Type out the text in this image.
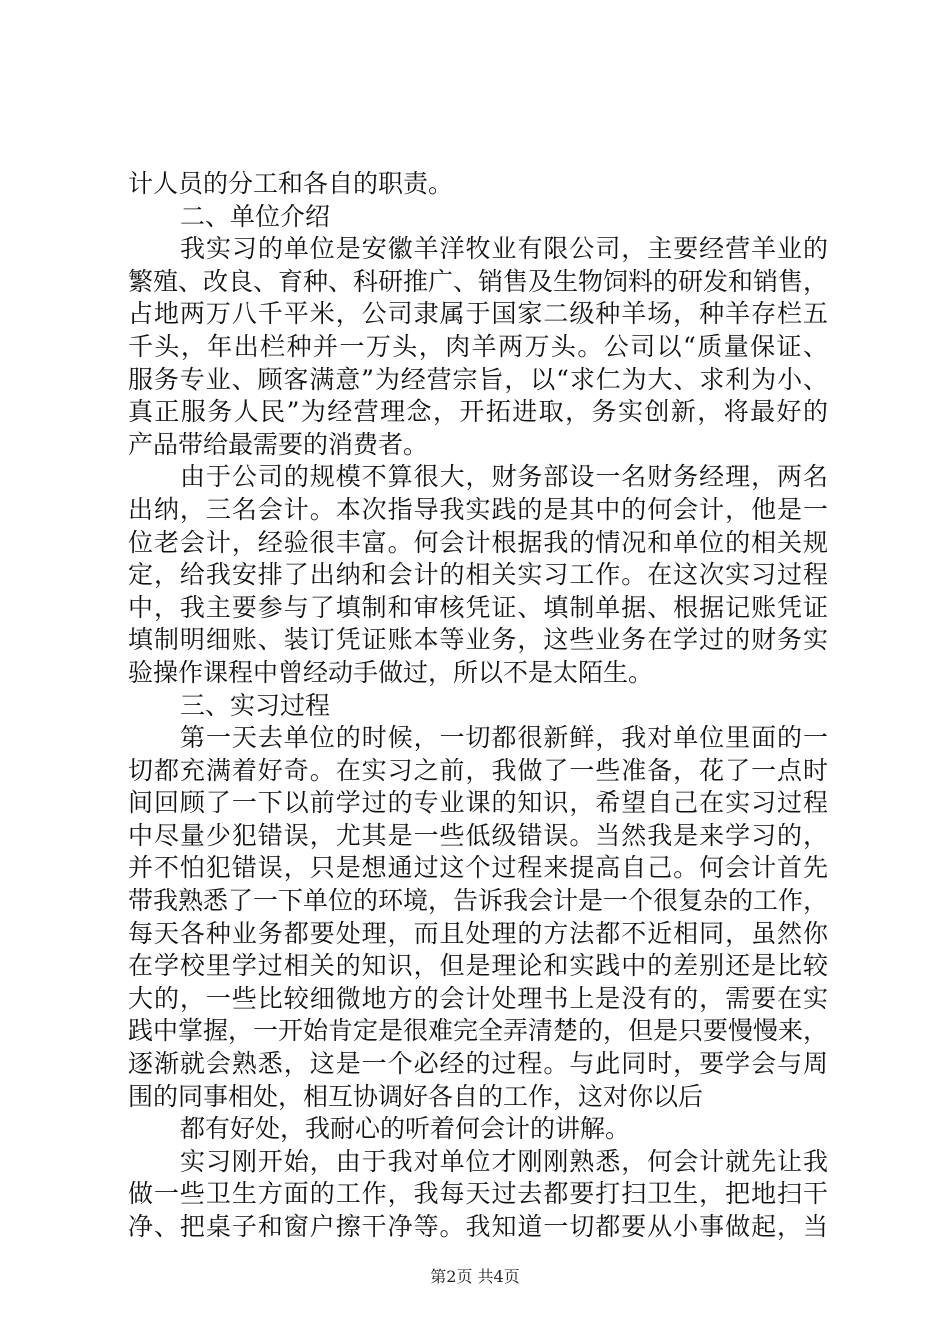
计人员的分工和各自的职责。
二、单位介绍
我实习的单位是安徽羊洋牧业有限公司，主要经营羊业的
繁殖、改良、育种、科研推广、销售及生物饲料的研发和销售，
占地两万八千平米，公司隶属于国家二级种羊场，种羊存栏五
千头，年出栏种并一万头，肉羊两万头。公司以“质量保证、
服务专业、顾客满意”为经营宗旨，以“求仁为大、求利为小、
真正服务人民”为经营理念，开拓进取，务实创新，将最好的
产品带给最需要的消费者。
由于公司的规模不算很大，财务部设一名财务经理，两名
出纳，三名会计。本次指导我实践的是其中的何会计，他是一
位老会计，经验很丰富。何会计根据我的情况和单位的相关规
定，给我安排了出纳和会计的相关实习工作。在这次实习过程
中，我主要参与了填制和审核凭证、填制单据、根据记账凭证
填制明细账、装订凭证账本等业务，这些业务在学过的财务实
验操作课程中曾经动手做过，所以不是太陌生。
三、实习过程
第一天去单位的时候，一切都很新鲜，我对单位里面的一
切都充满着好奇。在实习之前，我做了一些准备，花了一点时
间回顾了一下以前学过的专业课的知识，希望自己在实习过程
中尽量少犯错误，尤其是一些低级错误。当然我是来学习的，
并不怕犯错误，只是想通过这个过程来提高自己。何会计首先
带我熟悉了一下单位的环境，告诉我会计是一个很复杂的工作，
每天各种业务都要处理，而且处理的方法都不近相同，虽然你
在学校里学过相关的知识，但是理论和实践中的差别还是比较
大的，一些比较细微地方的会计处理书上是没有的，需要在实
践中掌握，一开始肯定是很难完全弄清楚的，但是只要慢慢来，
逐渐就会熟悉，这是一个必经的过程。与此同时，要学会与周
围的同事相处，相互协调好各自的工作，这对你以后
都有好处，我耐心的听着何会计的讲解。
实习刚开始，由于我对单位才刚刚熟悉，何会计就先让我
做一些卫生方面的工作，我每天过去都要打扫卫生，把地扫干
净、把桌子和窗户擦干净等。我知道一切都要从小事做起，当
第2页 共4页
